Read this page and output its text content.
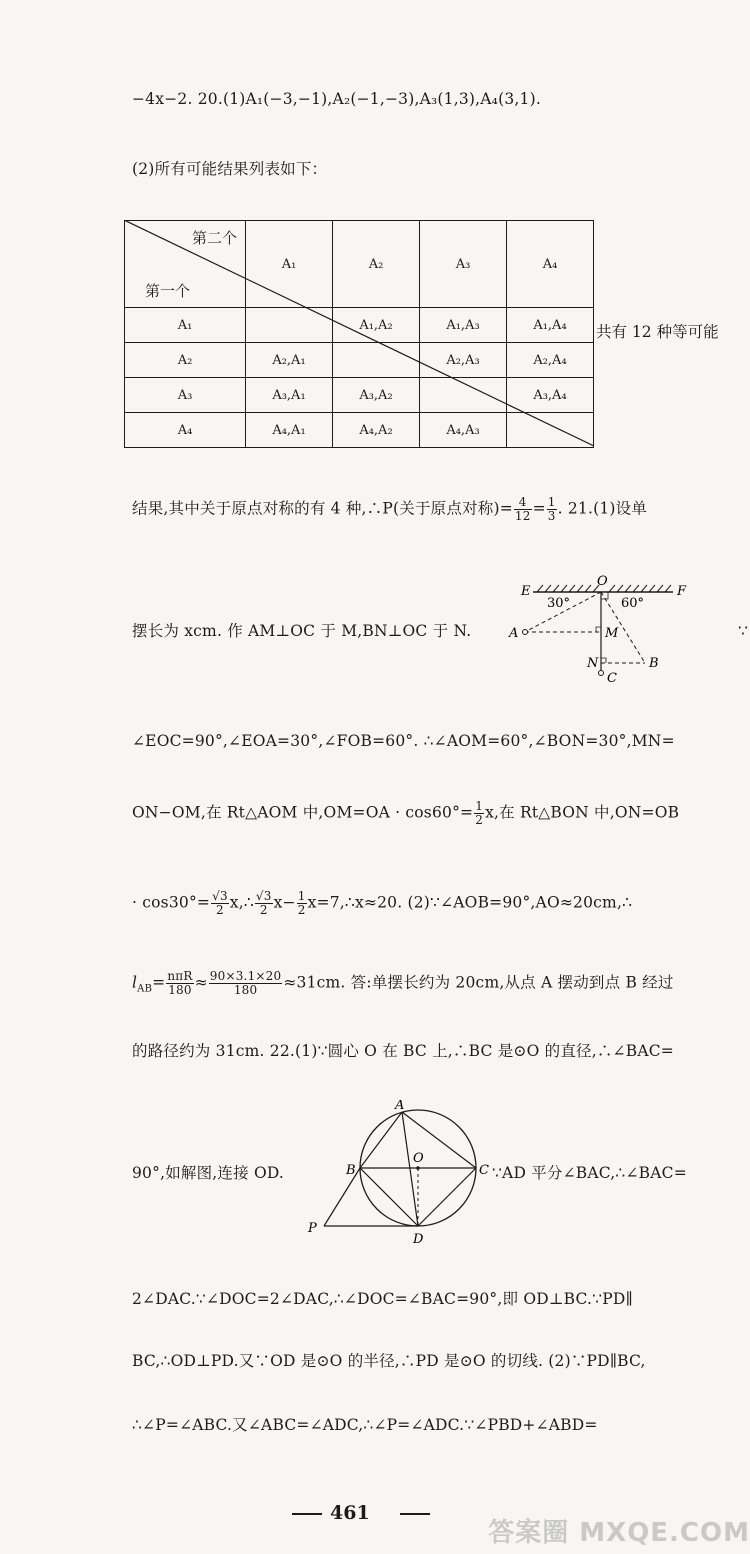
−4x−2. 20.(1)A₁(−3,−1),A₂(−1,−3),A₃(1,3),A₄(3,1).
(2)所有可能结果列表如下：
第二个
第一个	A₁	A₂	A₃	A₄
A₁		A₁,A₂	A₁,A₃	A₁,A₄
A₂	A₂,A₁		A₂,A₃	A₂,A₄
A₃	A₃,A₁	A₃,A₂		A₃,A₄
A₄	A₄,A₁	A₄,A₂	A₄,A₃	
共有 12 种等可能
结果,其中关于原点对称的有 4 种,∴P(关于原点对称)= $\frac{4}{12} = \frac{1}{3}$ . 21.(1)设单
E
O
F
30°	60°
A	M
N	B
C
摆长为 xcm. 作 AM⊥OC 于 M,BN⊥OC 于 N.	∵
∠EOC=90°,∠EOA=30°,∠FOB=60°. ∴∠AOM=60°,∠BON=30°,MN=
ON−OM,在 Rt△AOM 中$,OM=OA \cdot \cos 60^\circ= \frac{1}{2} x$,在 Rt△BON 中,ON=OB
· $\cos 30^\circ= \frac{√3}{2}$ x,∴ $\frac{√3}{2} x- \frac{1}{2}$ x=7,∴x≈20. (2)∵∠AOB=90°,AO≈20cm,∴
$l_{AB}= \frac{\text{nπR}}{180} \approx \frac{90\times 3.1\times 20}{180} \approx 31cm$. 答:单摆长约为 20cm,从点 A 摆动到点 B 经过
的路径约为 31cm. 22.(1)∵圆心 O 在 BC 上,∴BC 是⊙O 的直径,∴∠BAC=
A
B
O
C
P
D
90°,如解图,连接 OD.	∵AD 平分∠BAC,∴∠BAC=
2∠DAC.∵∠DOC=2∠DAC,∴∠DOC=∠BAC=90°,即 OD⊥BC.∵PD∥
BC,∴OD⊥PD.又∵OD 是⊙O 的半径,∴PD 是⊙O 的切线. (2)∵PD∥BC,
∴∠P=∠ABC.又∠ABC=∠ADC,∴∠P=∠ADC.∵∠PBD+∠ABD=
461
答案圈 MXQE.COM
